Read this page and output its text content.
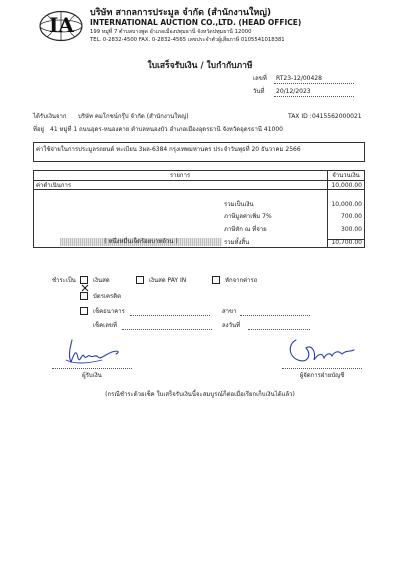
IA บริษัท สากลการประมูล จำกัด (สำนักงานใหญ่)
INTERNATIONAL AUCTION CO.,LTD. (HEAD OFFICE)
199 หมู่ที่ 7 ตำบลบางพูด อำเภอเมืองปทุมธานี จังหวัดปทุมธานี 12000
TEL. 0-2832-4500 FAX. 0-2832-4565 เลขประจำตัวผู้เสียภาษี 0105541018381
ใบเสร็จรับเงิน / ใบกำกับภาษี
เลขที่ RT23-12/00428
วันที่ 20/12/2023
ได้รับเงินจาก บริษัท คมโกชน์กรุ๊ป จำกัด (สำนักงานใหญ่)	TAX ID : 0415562000021
ที่อยู่ 41 หมู่ที่ 1 ถนนอุดร-หนองคาย ตำบลหนองบัว อำเภอเมืองอุดรธานี จังหวัดอุดรธานี 41000
ค่าใช้จ่ายในการประมูลรถยนต์ ทะเบียน 3ผล-6384 กรุงเทพมหานคร ประจำวันพุธที่ 20 ธันวาคม 2566
รายการ	จำนวนเงิน
ค่าดำเนินการ	10,000.00
( หนึ่งหมื่นเจ็ดร้อยบาทถ้วน )
รวมเป็นเงิน	10,000.00
ภาษีมูลค่าเพิ่ม 7%	700.00
ภาษีหัก ณ ที่จ่าย	300.00
รวมทั้งสิ้น	10,700.00
ชำระเป็น	เงินสด	เงินสด PAY IN	หักจากค่ารถ
บัตรเครดิต
เช็คธนาคาร	สาขา
เช็คเลขที่	ลงวันที่
ผู้รับเงิน	ผู้จัดการฝ่ายบัญชี
(กรณีชำระด้วยเช็ค ใบเสร็จรับเงินนี้จะสมบูรณ์ก็ต่อเมื่อเรียกเก็บเงินได้แล้ว)
